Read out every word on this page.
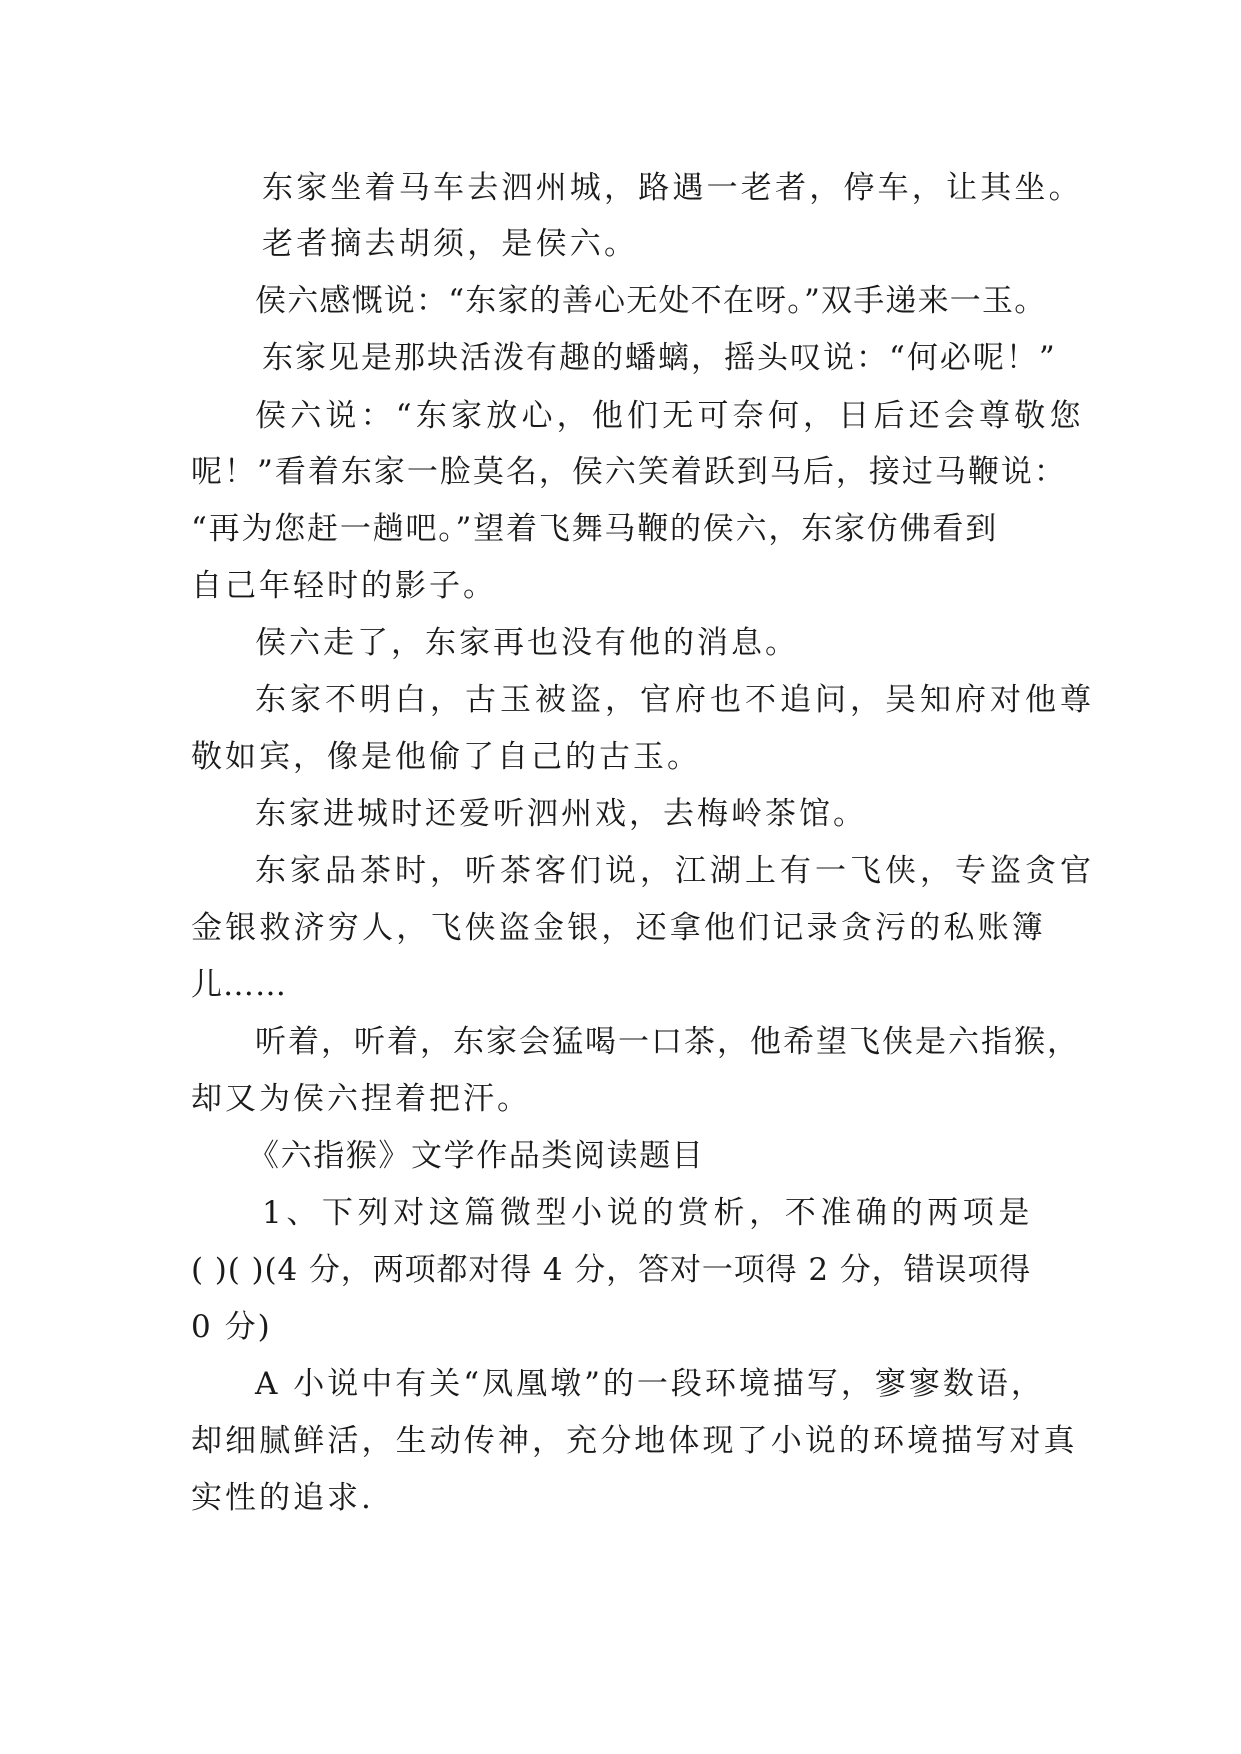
东家坐着马车去泗州城，路遇一老者，停车，让其坐。
老者摘去胡须，是侯六。
侯六感慨说：“东家的善心无处不在呀。”双手递来一玉。
东家见是那块活泼有趣的蟠螭，摇头叹说：“何必呢！”
侯六说：“东家放心，他们无可奈何，日后还会尊敬您
呢！”看着东家一脸莫名，侯六笑着跃到马后，接过马鞭说：
“再为您赶一趟吧。”望着飞舞马鞭的侯六，东家仿佛看到
自己年轻时的影子。
侯六走了，东家再也没有他的消息。
东家不明白，古玉被盗，官府也不追问，吴知府对他尊
敬如宾，像是他偷了自己的古玉。
东家进城时还爱听泗州戏，去梅岭茶馆。
东家品茶时，听茶客们说，江湖上有一飞侠，专盗贪官
金银救济穷人，飞侠盗金银，还拿他们记录贪污的私账簿
儿……
听着，听着，东家会猛喝一口茶，他希望飞侠是六指猴，
却又为侯六捏着把汗。
《六指猴》文学作品类阅读题目
1、下列对这篇微型小说的赏析，不准确的两项是
( )( )(4 分，两项都对得 4 分，答对一项得 2 分，错误项得
0 分)
A 小说中有关“凤凰墩”的一段环境描写，寥寥数语，
却细腻鲜活，生动传神，充分地体现了小说的环境描写对真
实性的追求.
